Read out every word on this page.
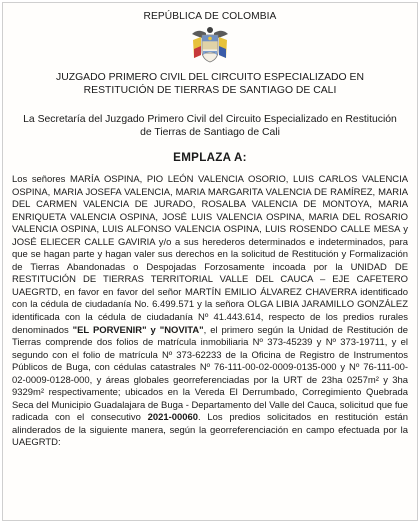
REPÚBLICA DE COLOMBIA
JUZGADO PRIMERO CIVIL DEL CIRCUITO ESPECIALIZADO EN RESTITUCIÓN DE TIERRAS DE SANTIAGO DE CALI
La Secretaría del Juzgado Primero Civil del Circuito Especializado en Restitución de Tierras de Santiago de Cali
EMPLAZA A:
Los señores MARÍA OSPINA, PIO LEÓN VALENCIA OSORIO, LUIS CARLOS VALENCIA OSPINA, MARIA JOSEFA VALENCIA, MARIA MARGARITA VALENCIA DE RAMÍREZ, MARIA DEL CARMEN VALENCIA DE JURADO, ROSALBA VALENCIA DE MONTOYA, MARIA ENRIQUETA VALENCIA OSPINA, JOSÉ LUIS VALENCIA OSPINA, MARIA DEL ROSARIO VALENCIA OSPINA, LUIS ALFONSO VALENCIA OSPINA, LUIS ROSENDO CALLE MESA y JOSÉ ELIECER CALLE GAVIRIA y/o a sus herederos determinados e indeterminados, para que se hagan parte y hagan valer sus derechos en la solicitud de Restitución y Formalización de Tierras Abandonadas o Despojadas Forzosamente incoada por la UNIDAD DE RESTITUCIÓN DE TIERRAS TERRITORIAL VALLE DEL CAUCA – EJE CAFETERO UAEGRTD, en favor en favor del señor MARTÍN EMILIO ÁLVAREZ CHAVERRA identificado con la cédula de ciudadanía No. 6.499.571 y la señora OLGA LIBIA JARAMILLO GONZÁLEZ identificada con la cédula de ciudadanía Nº 41.443.614, respecto de los predios rurales denominados "EL PORVENIR" y "NOVITA", el primero según la Unidad de Restitución de Tierras comprende dos folios de matrícula inmobiliaria Nº 373-45239 y Nº 373-19711, y el segundo con el folio de matrícula Nº 373-62233 de la Oficina de Registro de Instrumentos Públicos de Buga, con cédulas catastrales Nº 76-111-00-02-0009-0135-000 y Nº 76-111-00-02-0009-0128-000, y áreas globales georreferenciadas por la URT de 23ha 0257m² y 3ha 9329m² respectivamente; ubicados en la Vereda El Derrumbado, Corregimiento Quebrada Seca del Municipio Guadalajara de Buga - Departamento del Valle del Cauca, solicitud que fue radicada con el consecutivo 2021-00060. Los predios solicitados en restitución están alinderados de la siguiente manera, según la georreferenciación en campo efectuada por la UAEGRTD:
